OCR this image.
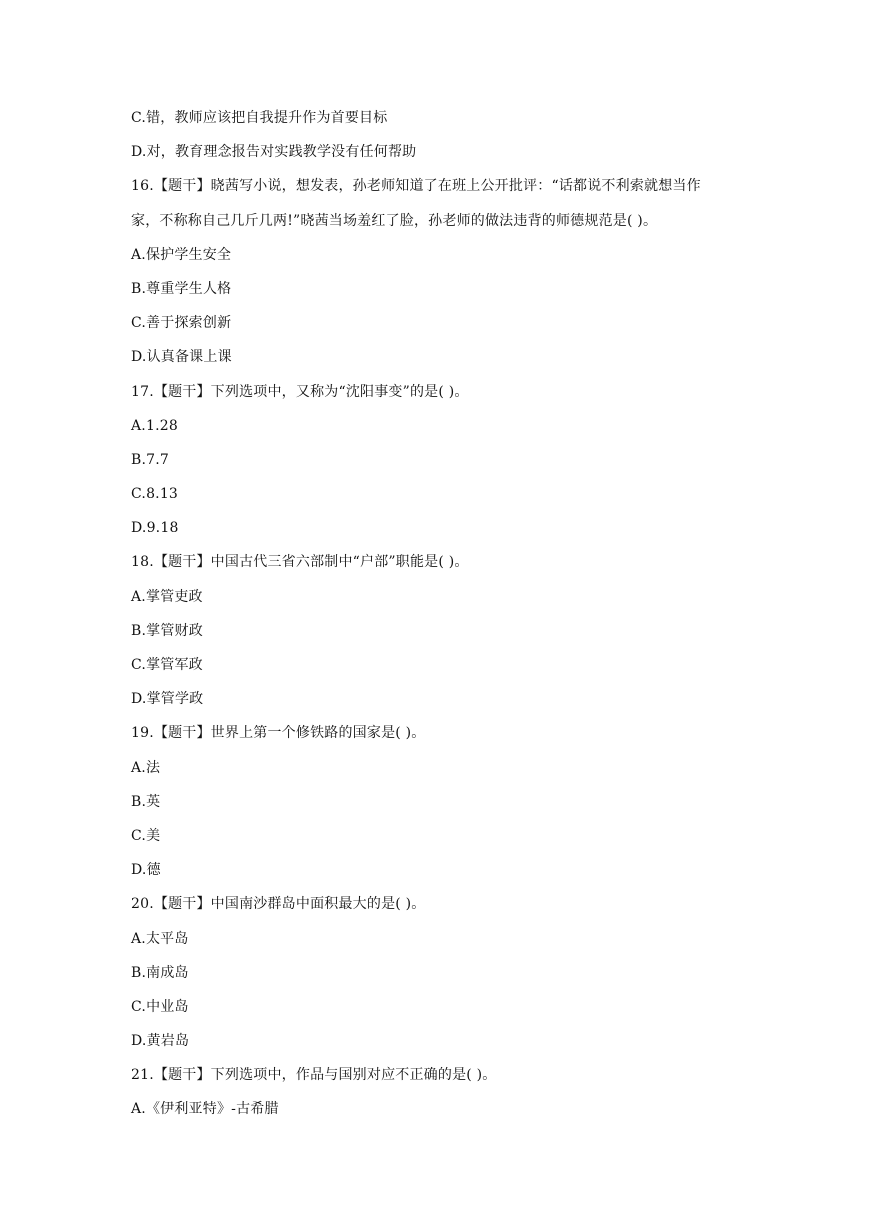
C.错，教师应该把自我提升作为首要目标
D.对，教育理念报告对实践教学没有任何帮助
16.【题干】晓茜写小说，想发表，孙老师知道了在班上公开批评：“话都说不利索就想当作
家，不称称自己几斤几两!”晓茜当场羞红了脸，孙老师的做法违背的师德规范是( )。
A.保护学生安全
B.尊重学生人格
C.善于探索创新
D.认真备课上课
17.【题干】下列选项中，又称为“沈阳事变”的是( )。
A.1.28
B.7.7
C.8.13
D.9.18
18.【题干】中国古代三省六部制中“户部”职能是( )。
A.掌管吏政
B.掌管财政
C.掌管军政
D.掌管学政
19.【题干】世界上第一个修铁路的国家是( )。
A.法
B.英
C.美
D.德
20.【题干】中国南沙群岛中面积最大的是( )。
A.太平岛
B.南成岛
C.中业岛
D.黄岩岛
21.【题干】下列选项中，作品与国别对应不正确的是( )。
A.《伊利亚特》-古希腊
